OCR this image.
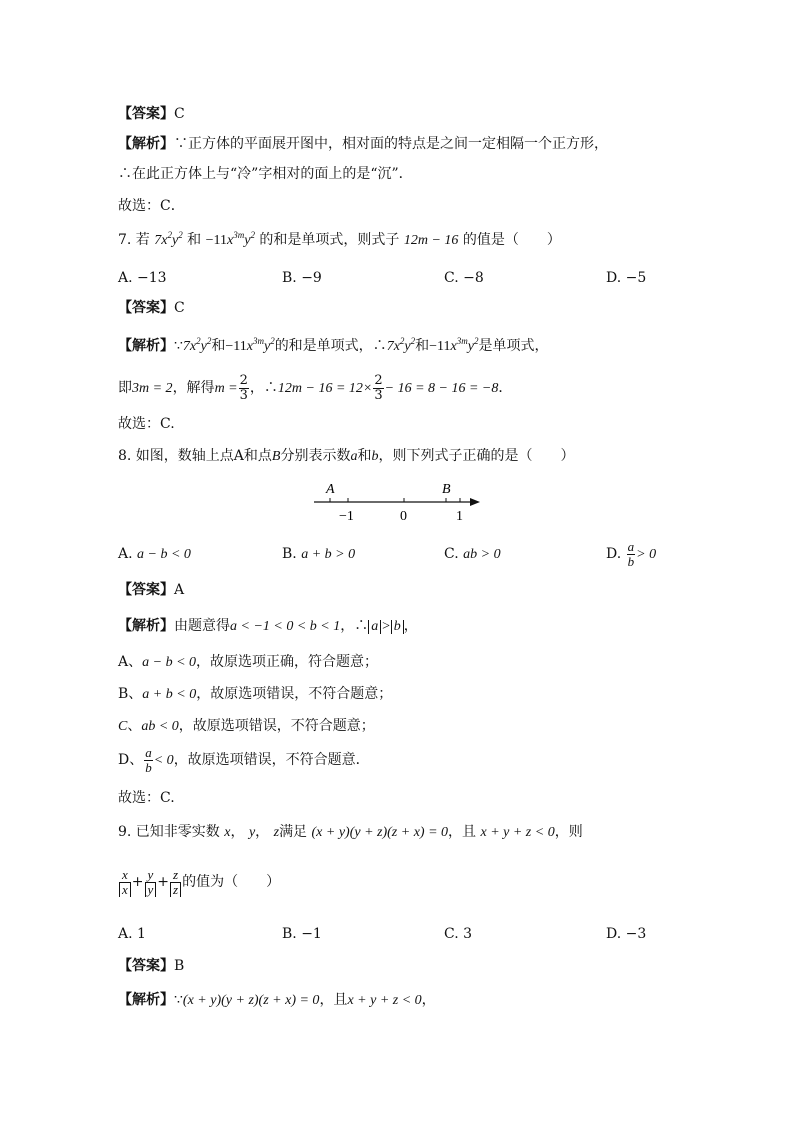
【答案】C
【解析】∵正方体的平面展开图中，相对面的特点是之间一定相隔一个正方形，
∴在此正方体上与“冷”字相对的面上的是“沉”．
故选：C．
7. 若 $7x^2y^2$ 和 $-11x^{3m}y^2$ 的和是单项式，则式子 12m − 16 的值是（　　）
A. −13	B. −9	C. −8	D. −5
【答案】C
【解析】$\because 7x^2y^2$和$-11x^{3m}y^2$的和是单项式，$\therefore 7x^2y^2$和$-11x^{3m}y^2$是单项式，
即3m = 2，解得$m = \frac{2}{3}$ ，∴12m − $16 = 12\times \frac{2}{3} - 16 = 8 - 16 = -8$．
故选：C.
8. 如图，数轴上点A和点B分别表示数a和b，则下列式子正确的是（　　）
A	B
−1	0	1
A. a − b < 0	B. a + b > 0	C. ab > 0	D. $\frac{a}{b} > 0$
【答案】A
【解析】由题意得a < −1 < 0 < b < 1，∴ a > b ，
A、a − b < 0，故原选项正确，符合题意；
B、a + b < 0，故原选项错误，不符合题意；
C、ab < 0，故原选项错误，不符合题意；
D、 $\frac{a}{b} < 0$，故原选项错误，不符合题意．
故选：C.
9. 已知非零实数 x， y， z满足 (x + y)(y + z)(z + x) = 0，且 x + y + z < 0，则
$\frac{x}{x} + \frac{y}{y} + \frac{z}{z}$ 的值为（　　）
A. 1	B. −1	C. 3	D. −3
【答案】B
【解析】∵(x + y)(y + z)(z + x) = 0，且x + y + z < 0，
